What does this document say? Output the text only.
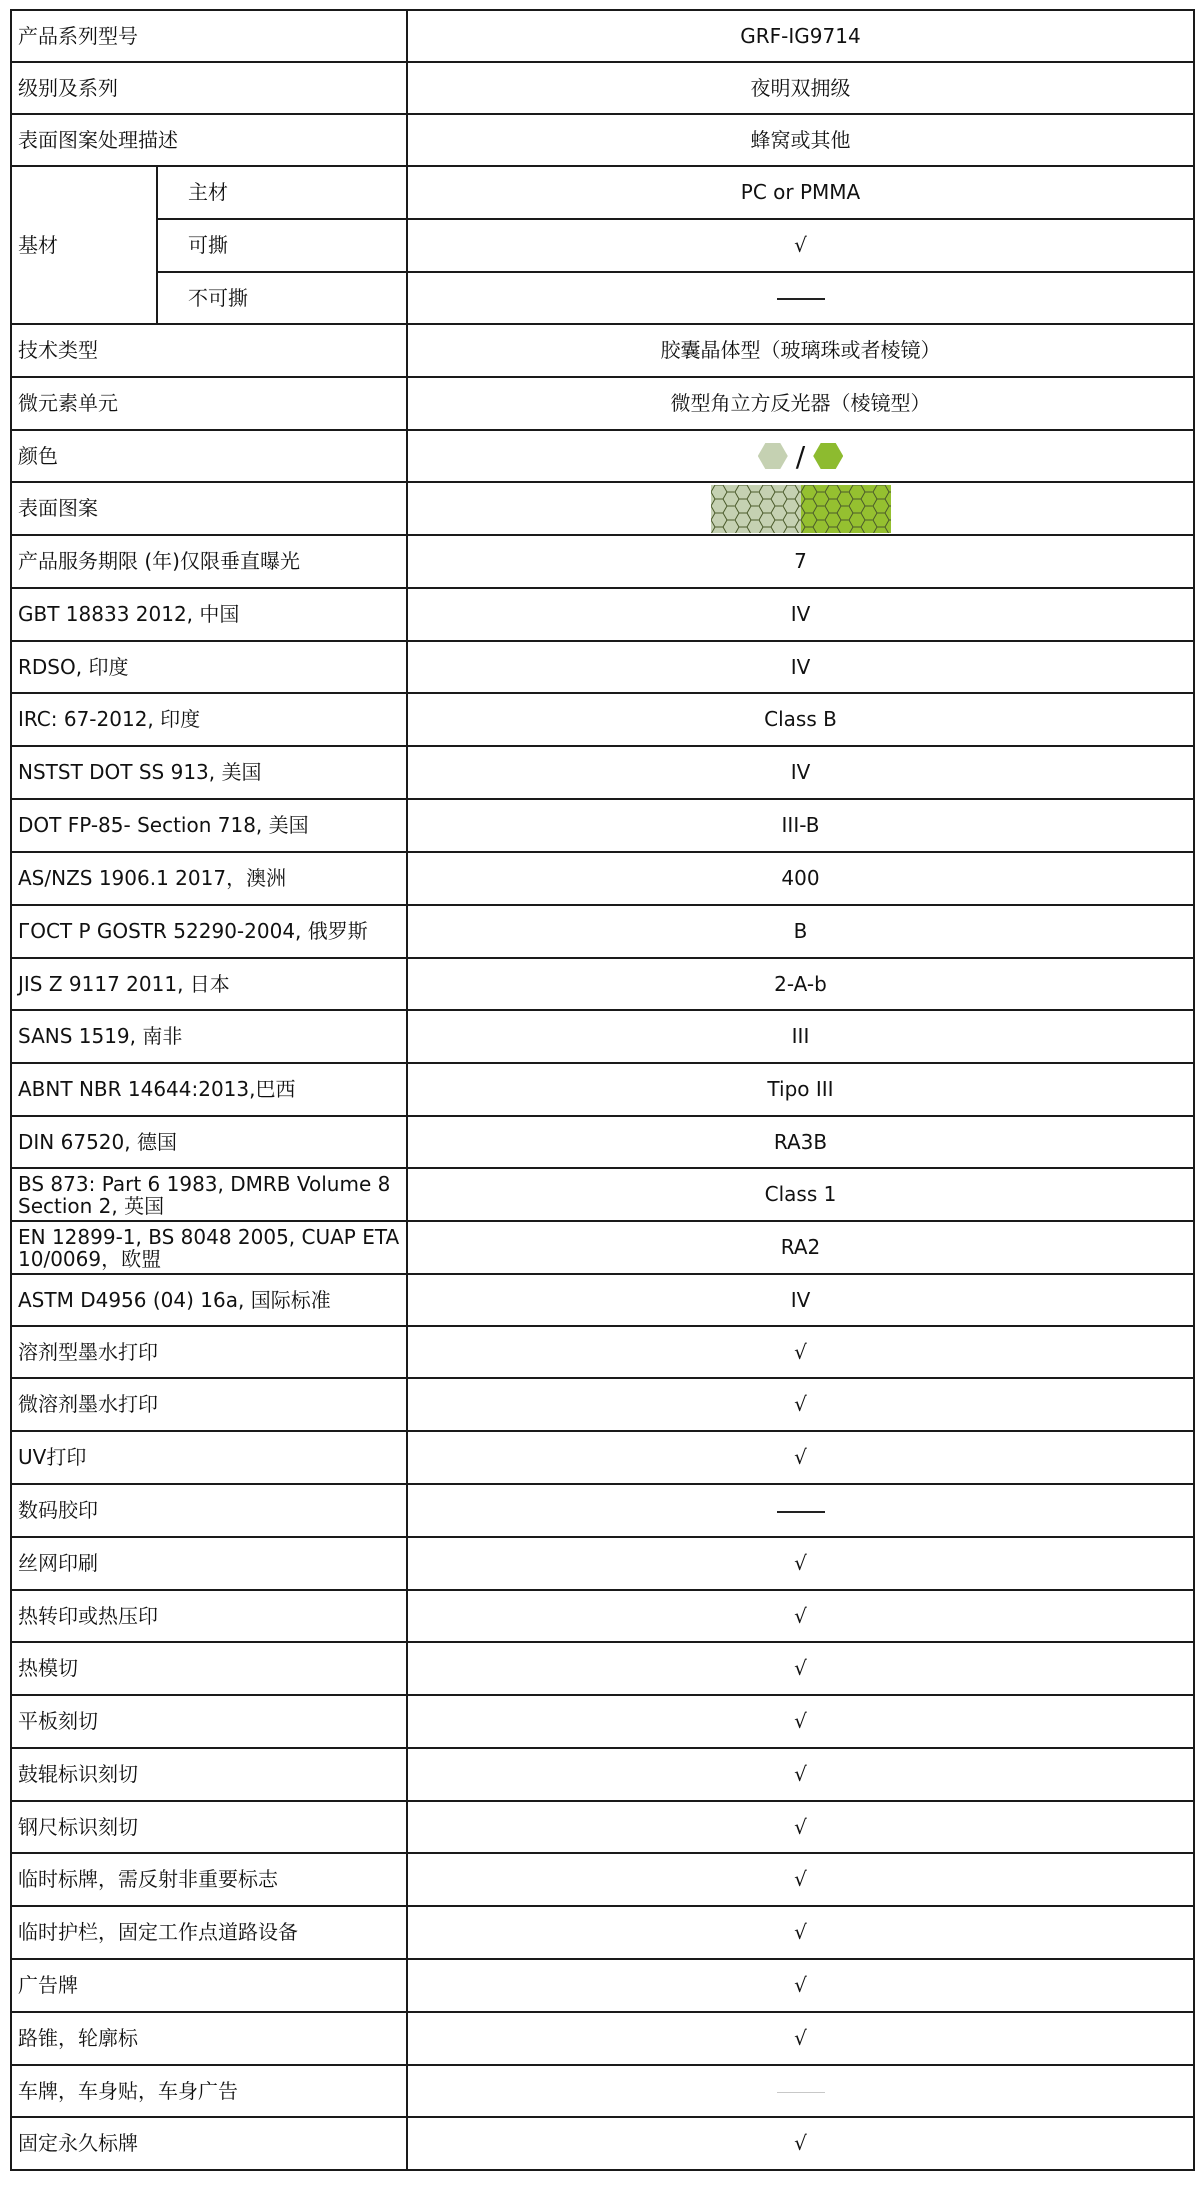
产品系列型号		GRF-IG9714
级别及系列		夜明双拥级
表面图案处理描述		蜂窝或其他
基材	主材	PC or PMMA
	可撕	√
	不可撕	
技术类型		胶囊晶体型（玻璃珠或者棱镜）
微元素单元		微型角立方反光器（棱镜型）
颜色		/
表面图案		

产品服务期限 (年)仅限垂直曝光		7
GBT 18833 2012, 中国		IV
RDSO, 印度		IV
IRC: 67-2012, 印度		Class B
NSTST DOT SS 913, 美国		IV
DOT FP-85- Section 718, 美国		III-B
AS/NZS 1906.1 2017，澳洲		400
ГОСТ Р GOSTR 52290-2004, 俄罗斯		B
JIS Z 9117 2011, 日本		2-A-b
SANS 1519, 南非		III
ABNT NBR 14644:2013,巴西		Tipo III
DIN 67520, 德国		RA3B
BS 873: Part 6 1983, DMRB Volume 8 Section 2, 英国		Class 1
EN 12899-1, BS 8048 2005, CUAP ETA 10/0069，欧盟		RA2
ASTM D4956 (04) 16a, 国际标准		IV
溶剂型墨水打印		√
微溶剂墨水打印		√
UV打印		√
数码胶印		
丝网印刷		√
热转印或热压印		√
热模切		√
平板刻切		√
鼓辊标识刻切		√
钢尺标识刻切		√
临时标牌，需反射非重要标志		√
临时护栏，固定工作点道路设备		√
广告牌		√
路锥，轮廓标		√
车牌，车身贴，车身广告		
固定永久标牌		√
